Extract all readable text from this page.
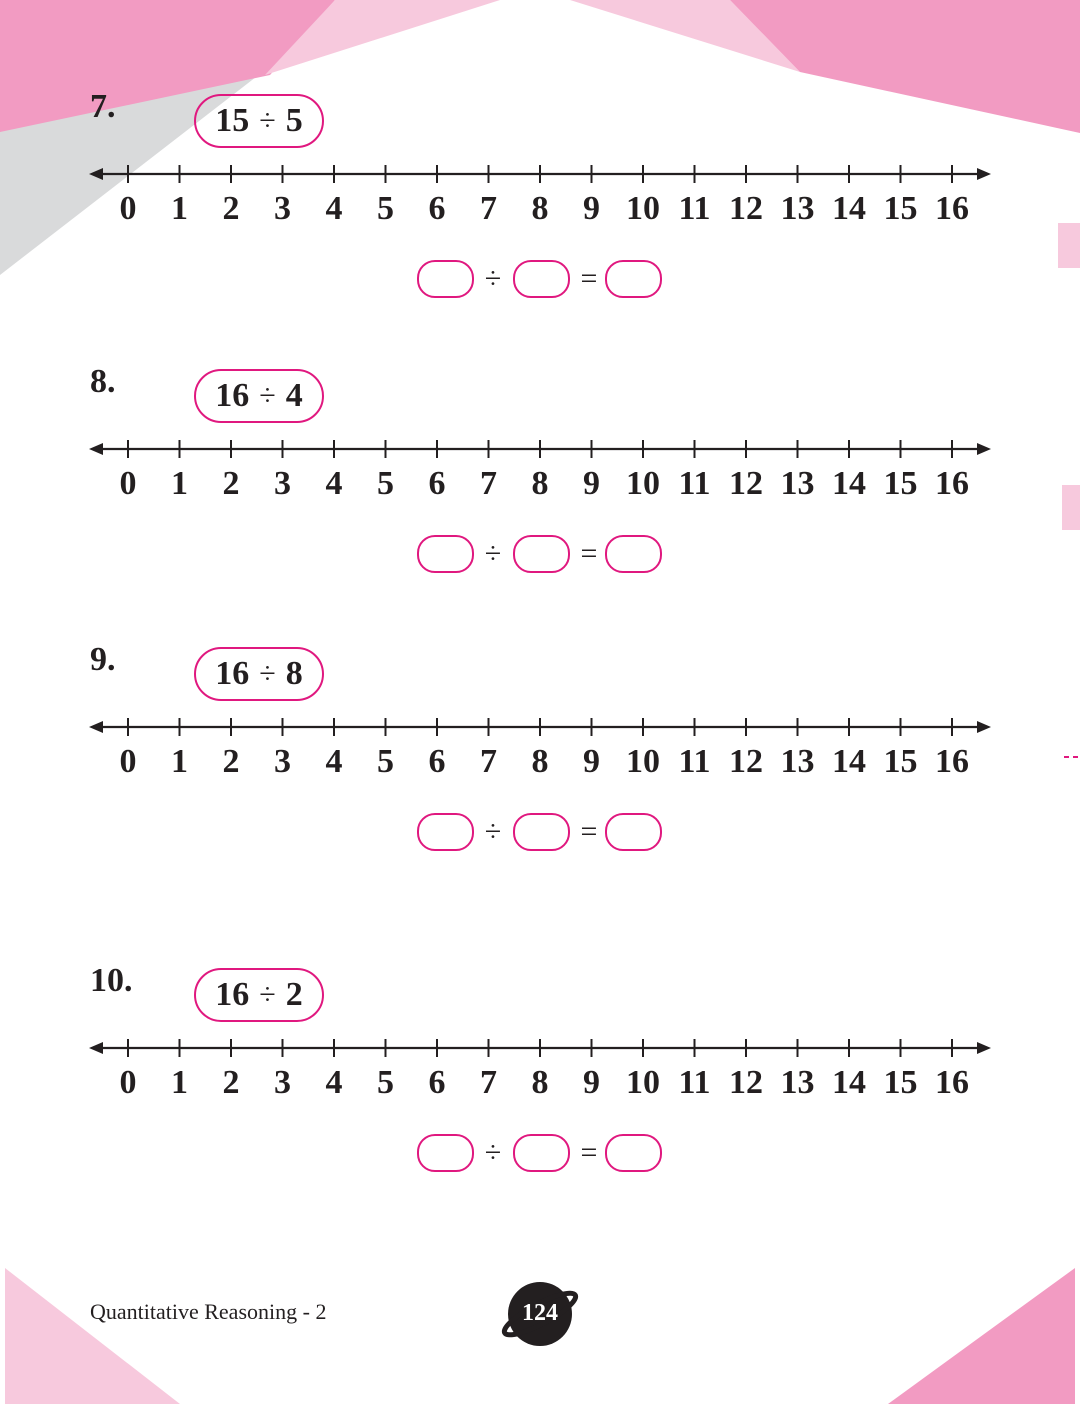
7.	15 ÷ 5
0	1	2	3	4	5	6	7	8	9 10 11 12 13 14 15 16
÷	=
8.	16 ÷ 4
0	1	2	3	4	5	6	7	8	9 10 11 12 13 14 15 16
÷	=
9.	16 ÷ 8
0	1	2	3	4	5	6	7	8	9 10 11 12 13 14 15 16
÷	=
10. 16 ÷ 2
0	1	2	3	4	5	6	7	8	9 10 11 12 13 14 15 16
÷	=
Quantitative Reasoning - 2	124
